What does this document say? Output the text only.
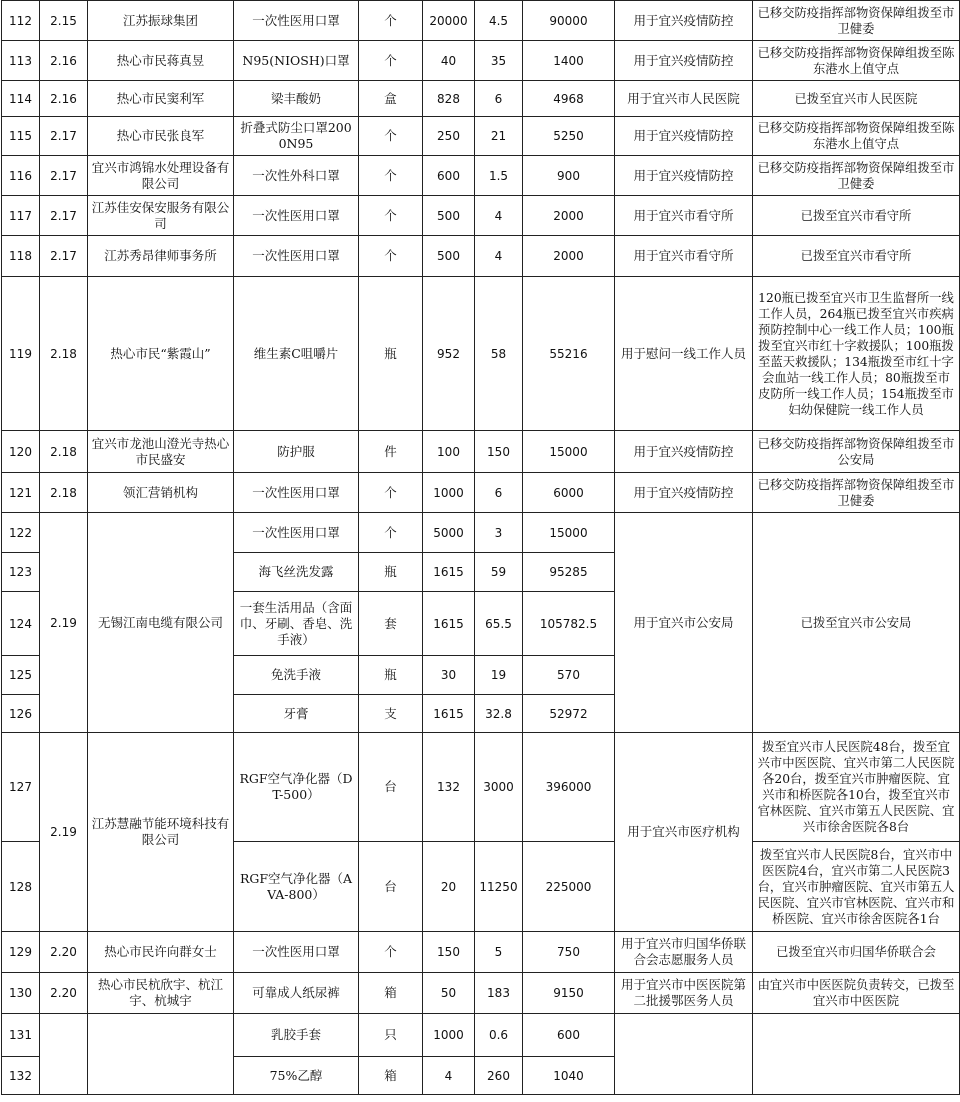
112	2.15	江苏振球集团	一次性医用口罩	个	20000	4.5	90000	用于宜兴疫情防控	已移交防疫指挥部物资保障组拨至市卫健委
113	2.16	热心市民蒋真昱	N95(NIOSH)口罩	个	40	35	1400	用于宜兴疫情防控	已移交防疫指挥部物资保障组拨至陈东港水上值守点
114	2.16	热心市民窦利军	梁丰酸奶	盒	828	6	4968	用于宜兴市人民医院	已拨至宜兴市人民医院
115	2.17	热心市民张良军	折叠式防尘口罩2000N95	个	250	21	5250	用于宜兴疫情防控	已移交防疫指挥部物资保障组拨至陈东港水上值守点
116	2.17	宜兴市鸿锦水处理设备有限公司	一次性外科口罩	个	600	1.5	900	用于宜兴疫情防控	已移交防疫指挥部物资保障组拨至市卫健委
117	2.17	江苏佳安保安服务有限公司	一次性医用口罩	个	500	4	2000	用于宜兴市看守所	已拨至宜兴市看守所
118	2.17	江苏秀昂律师事务所	一次性医用口罩	个	500	4	2000	用于宜兴市看守所	已拨至宜兴市看守所
119	2.18	热心市民“紫霞山”	维生素C咀嚼片	瓶	952	58	55216	用于慰问一线工作人员	120瓶已拨至宜兴市卫生监督所一线工作人员，264瓶已拨至宜兴市疾病预防控制中心一线工作人员；100瓶拨至宜兴市红十字救援队；100瓶拨至蓝天救援队；134瓶拨至市红十字会血站一线工作人员；80瓶拨至市皮防所一线工作人员；154瓶拨至市妇幼保健院一线工作人员
120	2.18	宜兴市龙池山澄光寺热心市民盛安	防护服	件	100	150	15000	用于宜兴疫情防控	已移交防疫指挥部物资保障组拨至市公安局
121	2.18	领汇营销机构	一次性医用口罩	个	1000	6	6000	用于宜兴疫情防控	已移交防疫指挥部物资保障组拨至市卫健委
122	2.19	无锡江南电缆有限公司	一次性医用口罩	个	5000	3	15000	用于宜兴市公安局	已拨至宜兴市公安局
123			海飞丝洗发露	瓶	1615	59	95285		
124			一套生活用品（含面巾、牙刷、香皂、洗手液）	套	1615	65.5	105782.5		
125			免洗手液	瓶	30	19	570		
126			牙膏	支	1615	32.8	52972		
127	2.19	江苏慧融节能环境科技有限公司	RGF空气净化器（DT-500）	台	132	3000	396000	用于宜兴市医疗机构	拨至宜兴市人民医院48台，拨至宜兴市中医医院、宜兴市第二人民医院各20台，拨至宜兴市肿瘤医院、宜兴市和桥医院各10台，拨至宜兴市官林医院、宜兴市第五人民医院、宜兴市徐舍医院各8台
128			RGF空气净化器（AVA-800）	台	20	11250	225000		拨至宜兴市人民医院8台，宜兴市中医医院4台，宜兴市第二人民医院3台，宜兴市肿瘤医院、宜兴市第五人民医院、宜兴市官林医院、宜兴市和桥医院、宜兴市徐舍医院各1台
129	2.20	热心市民许向群女士	一次性医用口罩	个	150	5	750	用于宜兴市归国华侨联合会志愿服务人员	已拨至宜兴市归国华侨联合会
130	2.20	热心市民杭欣宇、杭江宇、杭城宇	可靠成人纸尿裤	箱	50	183	9150	用于宜兴市中医医院第二批援鄂医务人员	由宜兴市中医医院负责转交，已拨至宜兴市中医医院
131			乳胶手套	只	1000	0.6	600		
132			75%乙醇	箱	4	260	1040		
